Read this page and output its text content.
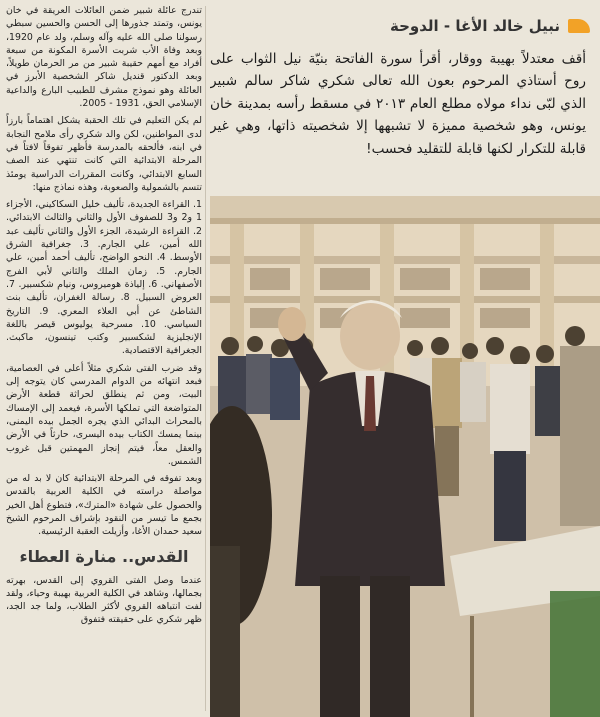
تندرج عائلة شبير ضمن العائلات العريقة في خان يونس، وتمتد جذورها إلى الحسن والحسين سبطي رسولنا صلى الله عليه وآله وسلم، ولد عام 1920، وبعد وفاة الأب شربت الأسرة المكونة من سبعة أفراد مع أمهم حقيبة شبير من مر الحرمان طويلاً، وبعد الدكتور قنديل شاكر الشخصية الأبرز في العائلة وهو نموذج مشرف للطبيب البارع والداعية الإسلامي الحق، 1931 - 2005.

لم يكن التعليم في تلك الحقبة يشكل اهتماماً بارزاً لدى المواطنين، لكن والد شكري رأى ملامح النجابة في ابنه، فألحقه بالمدرسة فأظهر تفوقاً لافتاً في المرحلة الابتدائية التي كانت تنتهي عند الصف السابع الابتدائي، وكانت المقررات الدراسية يومئذ تتسم بالشمولية والصعوبة، وهذه نماذج منها:

1. القراءة الجديدة، تأليف خليل السكاكيني، الأجزاء 1 و2 و3 للصفوف الأول والثاني والثالث الابتدائي. 2. القراءة الرشيدة، الجزء الأول والثاني تأليف عبد الله أمين، علي الجارم. 3. جغرافية الشرق الأوسط. 4. النحو الواضح، تأليف أحمد أمين، علي الجارم. 5. زمان الملك والثاني لأبي الفرج الأصفهاني. 6. إلياذة هوميروس، ونيام شكسبير. 7. العروض السبيل. 8. رسالة الغفران، تأليف بنت الشاطئ عن أبي العلاء المعري. 9. التاريخ السياسي. 10. مسرحية يوليوس قيصر باللغة الإنجليزية لشكسبير وكتب تينسون، ماكبث. الجغرافية الاقتصادية.

وقد ضرب الفتى شكري مثلاً أعلى في العصامية، فبعد انتهائه من الدوام المدرسي كان يتوجه إلى البيت، ومن ثم ينطلق لحراثة قطعة الأرض المتواضعة التي تملكها الأسرة، فيعمد إلى الإمساك بالمحراث البدائي الذي يجره الجمل بيده اليمنى، بينما يمسك الكتاب بيده اليسرى، حارثاً في الأرض والعقل معاً، فيتم إنجاز المهمتين قبل غروب الشمس.

وبعد تفوقه في المرحلة الابتدائية كان لا بد له من مواصلة دراسته في الكلية العربية بالقدس والحصول على شهادة «المترك»، فتطوع أهل الخير بجمع ما تيسر من النقود بإشراف المرحوم الشيخ سعيد حمدان الأغا، وأزيلت العقبة الرئيسية.

القدس.. منارة العطاء

عندما وصل الفتى القروي إلى القدس، بهرته بجمالها، وشاهد في الكلية العربية بهيبة وحياء، ولقد لفت انتباهه القروي لأكثر الطلاب، ولما جد الجد، ظهر شكري على حقيقته فتفوق

نبيل خالد الأغا - الدوحة

أقف معتدلاً بهيبة ووقار، أقرأ سورة الفاتحة بنيّة نيل الثواب على روح أستاذي المرحوم بعون الله تعالى شكري شاكر سالم شبير الذي لبّى نداء مولاه مطلع العام ٢٠١٣ في مسقط رأسه بمدينة خان يونس، وهو شخصية مميزة لا تشبهها إلا شخصيته ذاتها، وهي غير قابلة للتكرار لكنها قابلة للتقليد فحسب!
